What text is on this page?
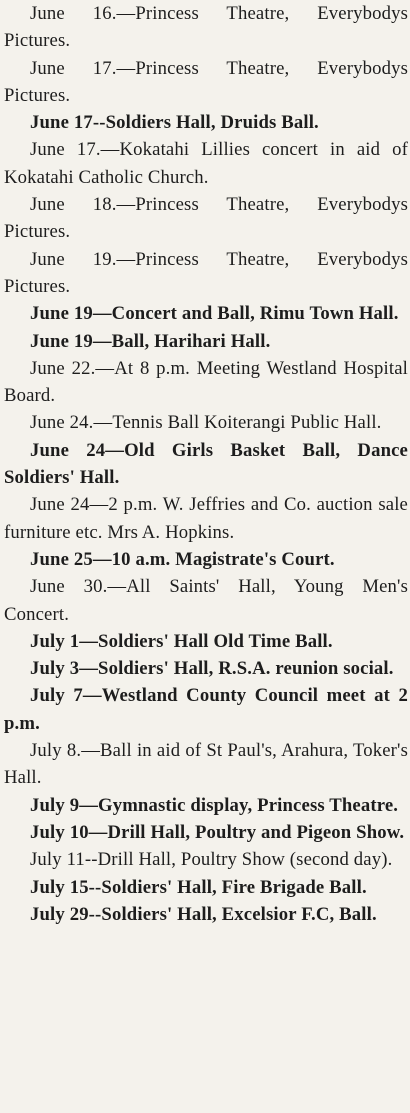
June 16.—Princess Theatre, Everybodys Pictures.

June 17.—Princess Theatre, Everybodys Pictures.

June 17--Soldiers Hall, Druids Ball.

June 17.—Kokatahi Lillies concert in aid of Kokatahi Catholic Church.

June 18.—Princess Theatre, Everybodys Pictures.

June 19.—Princess Theatre, Everybodys Pictures.

June 19—Concert and Ball, Rimu Town Hall.

June 19—Ball, Harihari Hall.

June 22.—At 8 p.m. Meeting Westland Hospital Board.

June 24.—Tennis Ball Koiterangi Public Hall.

June 24—Old Girls Basket Ball, Dance Soldiers' Hall.

June 24—2 p.m. W. Jeffries and Co. auction sale furniture etc. Mrs A. Hopkins.

June 25—10 a.m. Magistrate's Court.

June 30.—All Saints' Hall, Young Men's Concert.

July 1—Soldiers' Hall Old Time Ball.

July 3—Soldiers' Hall, R.S.A. reunion social.

July 7—Westland County Council meet at 2 p.m.

July 8.—Ball in aid of St Paul's, Arahura, Toker's Hall.

July 9—Gymnastic display, Princess Theatre.

July 10—Drill Hall, Poultry and Pigeon Show.

July 11--Drill Hall, Poultry Show (second day).

July 15--Soldiers' Hall, Fire Brigade Ball.

July 29--Soldiers' Hall, Excelsior F.C, Ball.
